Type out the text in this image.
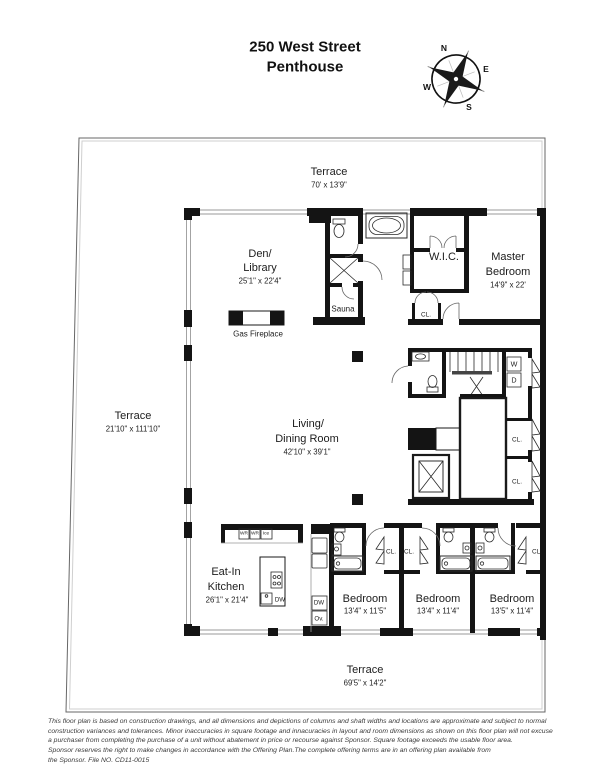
250 West Street
Penthouse
N
E
W
S
Terrace
70' x 13'9"
Terrace
21'10" x 111'10"
Den/
Library
25'1" x 22'4"
Sauna
Gas Fireplace
W.I.C.	Master
Bedroom
14'9" x 22'
CL.
Living/
Dining Room
42'10" x 39'1"
W
D
CL.
CL.
Eat-In
Kitchen
26'1" x 21'4"
WR WR Ice
DW	DW
Ov.
CL. CL.	CL.
Bedroom
13'4" x 11'5"
Bedroom
13'4" x 11'4"
Bedroom
13'5" x 11'4"
Terrace
69'5" x 14'2"
This floor plan is based on construction drawings, and all dimensions and depictions of columns and shaft widths and locations are approximate and subject to normal
construction variances and tolerances. Minor inaccuracies in square footage and innacuracies in layout and room dimensions as shown on this floor plan will not excuse
a purchaser from completing the purchase of a unit without abatement in price or recourse against Sponsor. Square footage exceeds the usable floor area.
Sponsor reserves the right to make changes in accordance with the Offering Plan.The complete offering terms are in an offering plan available from
the Sponsor. File NO. CD11-0015
